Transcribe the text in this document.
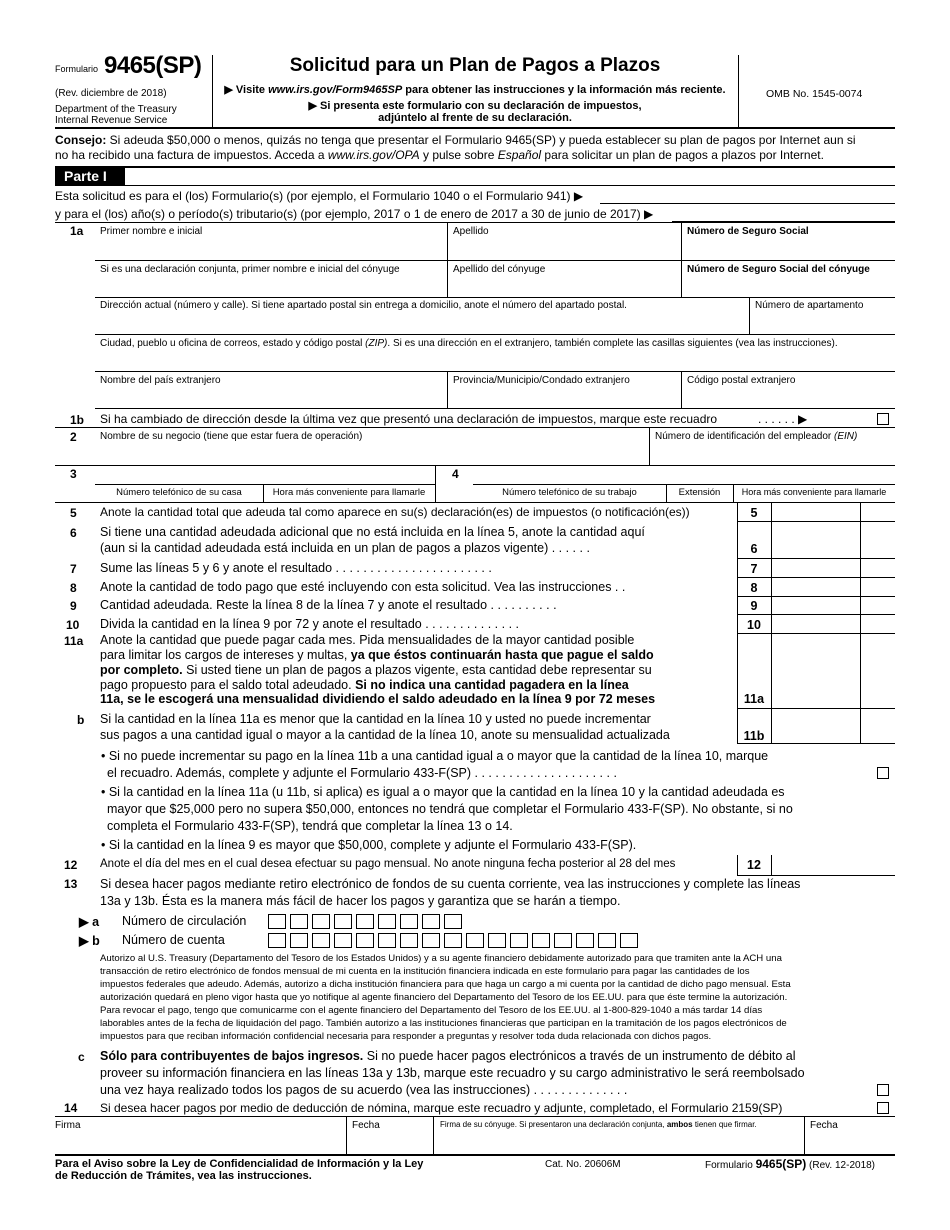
Formulario 9465(SP)
(Rev. diciembre de 2018)
Department of the Treasury
Internal Revenue Service
Solicitud para un Plan de Pagos a Plazos
▶ Visite www.irs.gov/Form9465SP para obtener las instrucciones y la información más reciente.
▶ Si presenta este formulario con su declaración de impuestos,
adjúntelo al frente de su declaración.
OMB No. 1545-0074
Consejo: Si adeuda $50,000 o menos, quizás no tenga que presentar el Formulario 9465(SP) y pueda establecer su plan de pagos por Internet aun si
no ha recibido una factura de impuestos. Acceda a www.irs.gov/OPA y pulse sobre Español para solicitar un plan de pagos a plazos por Internet.
Parte I
Esta solicitud es para el (los) Formulario(s) (por ejemplo, el Formulario 1040 o el Formulario 941) ▶
y para el (los) año(s) o período(s) tributario(s) (por ejemplo, 2017 o 1 de enero de 2017 a 30 de junio de 2017) ▶
1a Primer nombre e inicial	Apellido	Número de Seguro Social
Si es una declaración conjunta, primer nombre e inicial del cónyuge	Apellido del cónyuge	Número de Seguro Social del cónyuge
Dirección actual (número y calle). Si tiene apartado postal sin entrega a domicilio, anote el número del apartado postal.	Número de apartamento
Ciudad, pueblo u oficina de correos, estado y código postal (ZIP). Si es una dirección en el extranjero, también complete las casillas siguientes (vea las instrucciones).
Nombre del país extranjero	Provincia/Municipio/Condado extranjero	Código postal extranjero
1b Si ha cambiado de dirección desde la última vez que presentó una declaración de impuestos, marque este recuadro	. . . . . . ▶
2 Nombre de su negocio (tiene que estar fuera de operación)	Número de identificación del empleador (EIN)
3
Número telefónico de su casa	Hora más conveniente para llamarle
4
Número telefónico de su trabajo	Extensión	Hora más conveniente para llamarle
5 Anote la cantidad total que adeuda tal como aparece en su(s) declaración(es) de impuestos (o notificación(es))	5
6 Si tiene una cantidad adeudada adicional que no está incluida en la línea 5, anote la cantidad aquí
(aun si la cantidad adeudada está incluida en un plan de pagos a plazos vigente) . . . . . .	6
7 Sume las líneas 5 y 6 y anote el resultado . . . . . . . . . . . . . . . . . . . . . . .	7
8 Anote la cantidad de todo pago que esté incluyendo con esta solicitud. Vea las instrucciones . .	8
9 Cantidad adeudada. Reste la línea 8 de la línea 7 y anote el resultado . . . . . . . . . .	9
10 Divida la cantidad en la línea 9 por 72 y anote el resultado . . . . . . . . . . . . . .	10
11a Anote la cantidad que puede pagar cada mes. Pida mensualidades de la mayor cantidad posible
para limitar los cargos de intereses y multas, ya que éstos continuarán hasta que pague el saldo
por completo. Si usted tiene un plan de pagos a plazos vigente, esta cantidad debe representar su
pago propuesto para el saldo total adeudado. Si no indica una cantidad pagadera en la línea
11a, se le escogerá una mensualidad dividiendo el saldo adeudado en la línea 9 por 72 meses	11a
b Si la cantidad en la línea 11a es menor que la cantidad en la línea 10 y usted no puede incrementar
sus pagos a una cantidad igual o mayor a la cantidad de la línea 10, anote su mensualidad actualizada	11b
• Si no puede incrementar su pago en la línea 11b a una cantidad igual a o mayor que la cantidad de la línea 10, marque
el recuadro. Además, complete y adjunte el Formulario 433-F(SP) . . . . . . . . . . . . . . . . . . . . .
• Si la cantidad en la línea 11a (u 11b, si aplica) es igual a o mayor que la cantidad en la línea 10 y la cantidad adeudada es
mayor que $25,000 pero no supera $50,000, entonces no tendrá que completar el Formulario 433-F(SP). No obstante, si no
completa el Formulario 433-F(SP), tendrá que completar la línea 13 o 14.
• Si la cantidad en la línea 9 es mayor que $50,000, complete y adjunte el Formulario 433-F(SP).
12 Anote el día del mes en el cual desea efectuar su pago mensual. No anote ninguna fecha posterior al 28 del mes	12
13 Si desea hacer pagos mediante retiro electrónico de fondos de su cuenta corriente, vea las instrucciones y complete las líneas
13a y 13b. Ésta es la manera más fácil de hacer los pagos y garantiza que se harán a tiempo.
▶ a Número de circulación
▶ b Número de cuenta
Autorizo al U.S. Treasury (Departamento del Tesoro de los Estados Unidos) y a su agente financiero debidamente autorizado para que tramiten ante la ACH una
transacción de retiro electrónico de fondos mensual de mi cuenta en la institución financiera indicada en este formulario para pagar las cantidades de los
impuestos federales que adeudo. Además, autorizo a dicha institución financiera para que haga un cargo a mi cuenta por la cantidad de dicho pago mensual. Esta
autorización quedará en pleno vigor hasta que yo notifique al agente financiero del Departamento del Tesoro de los EE.UU. para que éste termine la autorización.
Para revocar el pago, tengo que comunicarme con el agente financiero del Departamento del Tesoro de los EE.UU. al 1-800-829-1040 a más tardar 14 días
laborables antes de la fecha de liquidación del pago. También autorizo a las instituciones financieras que participan en la tramitación de los pagos electrónicos de
impuestos para que reciban información confidencial necesaria para responder a preguntas y resolver toda duda relacionada con dichos pagos.
c Sólo para contribuyentes de bajos ingresos. Si no puede hacer pagos electrónicos a través de un instrumento de débito al
proveer su información financiera en las líneas 13a y 13b, marque este recuadro y su cargo administrativo le será reembolsado
una vez haya realizado todos los pagos de su acuerdo (vea las instrucciones) . . . . . . . . . . . . . .
14 Si desea hacer pagos por medio de deducción de nómina, marque este recuadro y adjunte, completado, el Formulario 2159(SP)
Firma	Fecha	Firma de su cónyuge. Si presentaron una declaración conjunta, ambos tienen que firmar.	Fecha
Para el Aviso sobre la Ley de Confidencialidad de Información y la Ley
de Reducción de Trámites, vea las instrucciones.
Cat. No. 20606M	Formulario 9465(SP) (Rev. 12-2018)
